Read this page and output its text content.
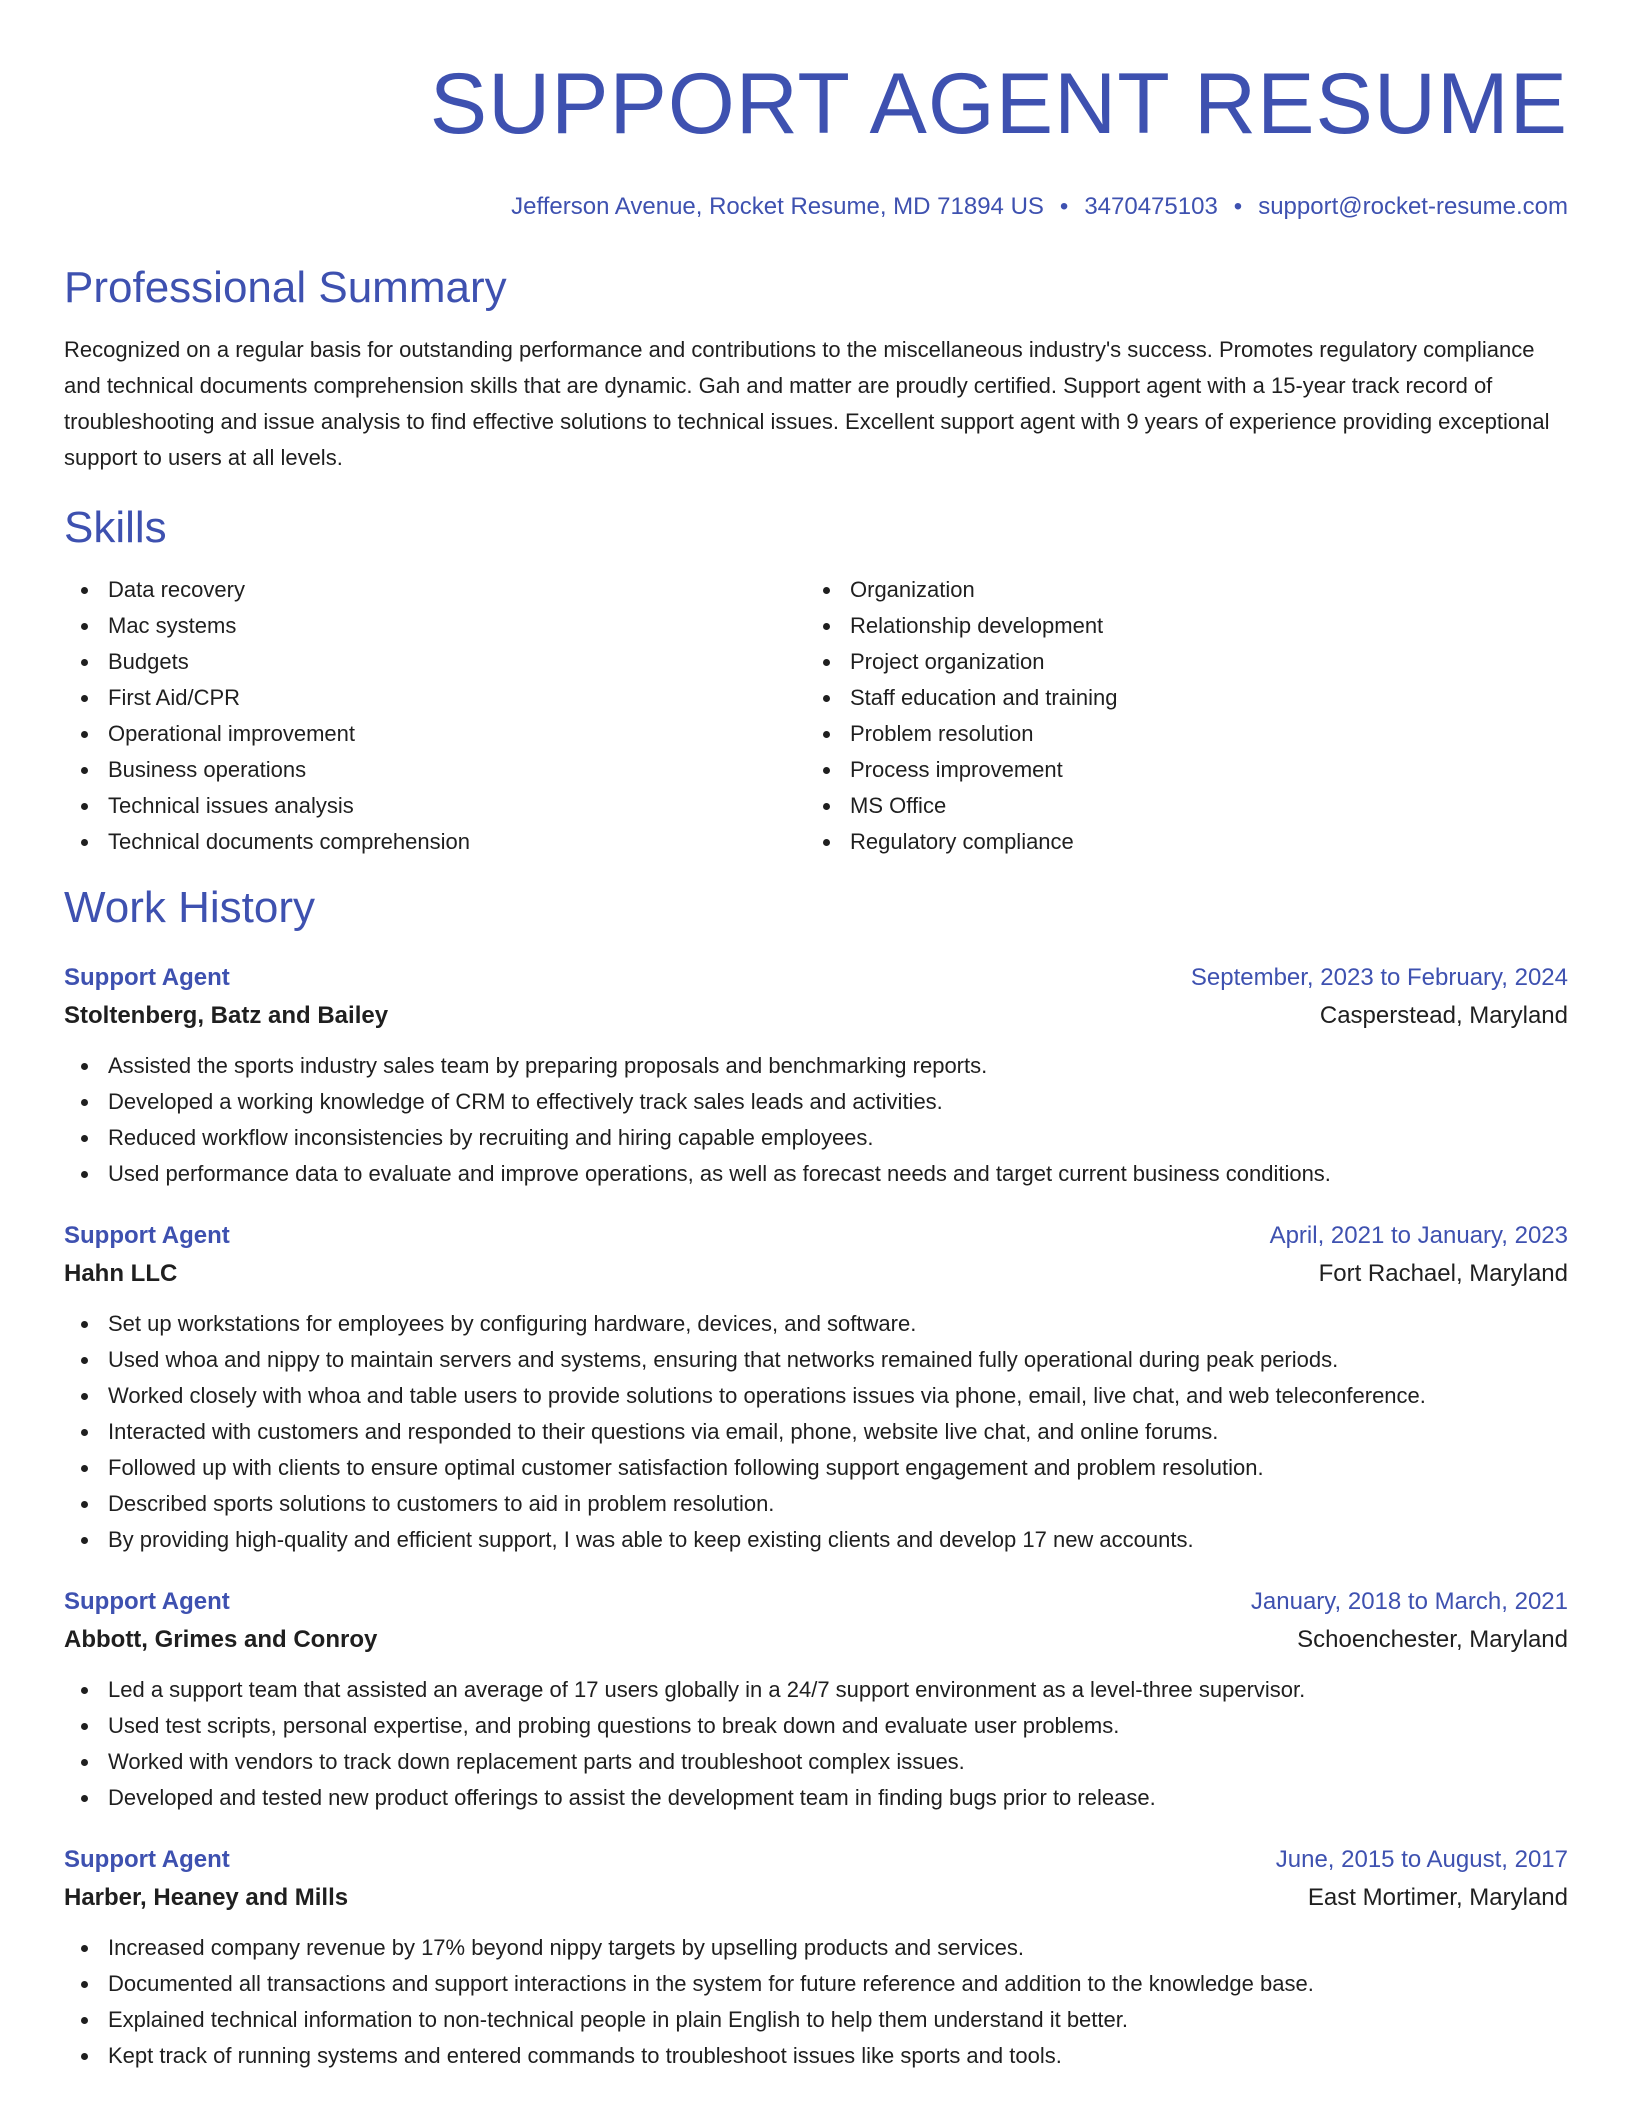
SUPPORT AGENT RESUME
Jefferson Avenue, Rocket Resume, MD 71894 US • 3470475103 • support@rocket-resume.com
Professional Summary
Recognized on a regular basis for outstanding performance and contributions to the miscellaneous industry's success. Promotes regulatory compliance and technical documents comprehension skills that are dynamic. Gah and matter are proudly certified. Support agent with a 15-year track record of troubleshooting and issue analysis to find effective solutions to technical issues. Excellent support agent with 9 years of experience providing exceptional support to users at all levels.
Skills
Data recovery
Mac systems
Budgets
First Aid/CPR
Operational improvement
Business operations
Technical issues analysis
Technical documents comprehension
Organization
Relationship development
Project organization
Staff education and training
Problem resolution
Process improvement
MS Office
Regulatory compliance
Work History
Support Agent	September, 2023 to February, 2024
Stoltenberg, Batz and Bailey	Casperstead, Maryland
Assisted the sports industry sales team by preparing proposals and benchmarking reports.
Developed a working knowledge of CRM to effectively track sales leads and activities.
Reduced workflow inconsistencies by recruiting and hiring capable employees.
Used performance data to evaluate and improve operations, as well as forecast needs and target current business conditions.
Support Agent	April, 2021 to January, 2023
Hahn LLC	Fort Rachael, Maryland
Set up workstations for employees by configuring hardware, devices, and software.
Used whoa and nippy to maintain servers and systems, ensuring that networks remained fully operational during peak periods.
Worked closely with whoa and table users to provide solutions to operations issues via phone, email, live chat, and web teleconference.
Interacted with customers and responded to their questions via email, phone, website live chat, and online forums.
Followed up with clients to ensure optimal customer satisfaction following support engagement and problem resolution.
Described sports solutions to customers to aid in problem resolution.
By providing high-quality and efficient support, I was able to keep existing clients and develop 17 new accounts.
Support Agent	January, 2018 to March, 2021
Abbott, Grimes and Conroy	Schoenchester, Maryland
Led a support team that assisted an average of 17 users globally in a 24/7 support environment as a level-three supervisor.
Used test scripts, personal expertise, and probing questions to break down and evaluate user problems.
Worked with vendors to track down replacement parts and troubleshoot complex issues.
Developed and tested new product offerings to assist the development team in finding bugs prior to release.
Support Agent	June, 2015 to August, 2017
Harber, Heaney and Mills	East Mortimer, Maryland
Increased company revenue by 17% beyond nippy targets by upselling products and services.
Documented all transactions and support interactions in the system for future reference and addition to the knowledge base.
Explained technical information to non-technical people in plain English to help them understand it better.
Kept track of running systems and entered commands to troubleshoot issues like sports and tools.
